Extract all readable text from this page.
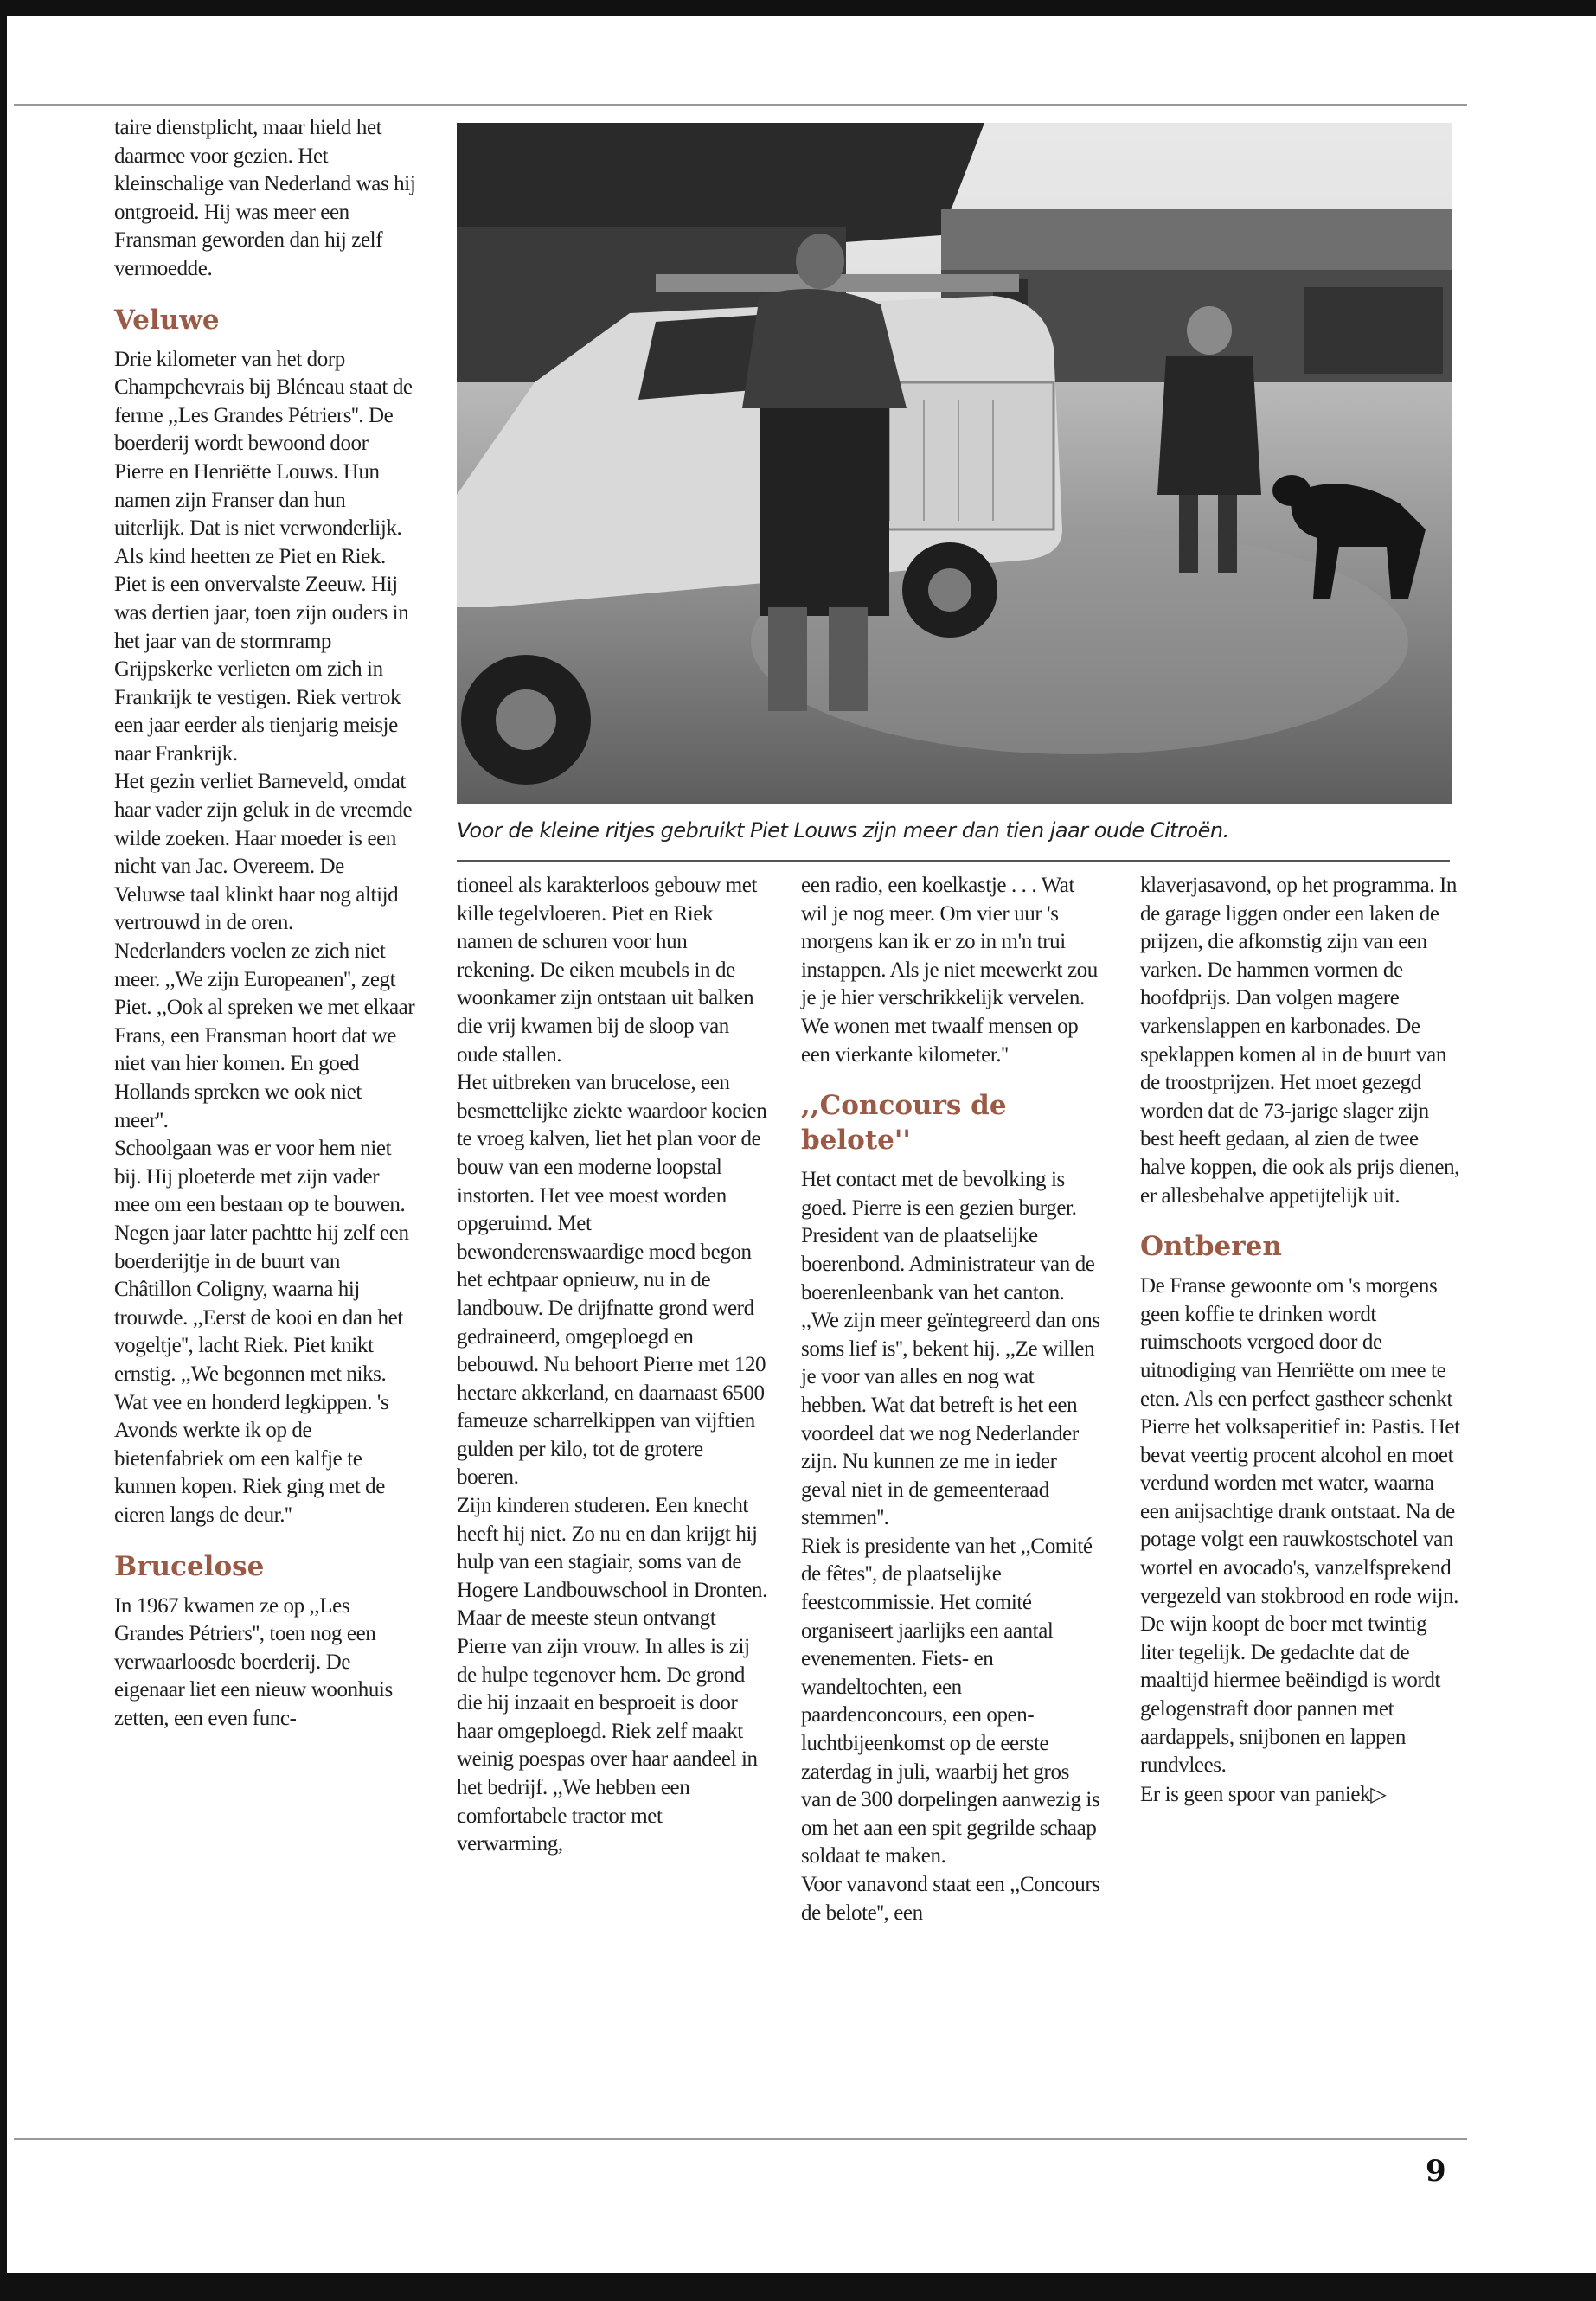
taire dienstplicht, maar hield het daarmee voor gezien. Het kleinschalige van Nederland was hij ontgroeid. Hij was meer een Fransman geworden dan hij zelf vermoedde.

Veluwe

Drie kilometer van het dorp Champchevrais bij Bléneau staat de ferme ,,Les Grandes Pétriers''. De boerderij wordt bewoond door Pierre en Henriëtte Louws. Hun namen zijn Franser dan hun uiterlijk. Dat is niet verwonderlijk. Als kind heetten ze Piet en Riek.

Piet is een onvervalste Zeeuw. Hij was dertien jaar, toen zijn ouders in het jaar van de stormramp Grijpskerke verlieten om zich in Frankrijk te vestigen. Riek vertrok een jaar eerder als tienjarig meisje naar Frankrijk.

Het gezin verliet Barneveld, omdat haar vader zijn geluk in de vreemde wilde zoeken. Haar moeder is een nicht van Jac. Overeem. De Veluwse taal klinkt haar nog altijd vertrouwd in de oren.

Nederlanders voelen ze zich niet meer. ,,We zijn Europeanen'', zegt Piet. ,,Ook al spreken we met elkaar Frans, een Fransman hoort dat we niet van hier komen. En goed Hollands spreken we ook niet meer''.

Schoolgaan was er voor hem niet bij. Hij ploeterde met zijn vader mee om een bestaan op te bouwen. Negen jaar later pachtte hij zelf een boerderijtje in de buurt van Châtillon Coligny, waarna hij trouwde. ,,Eerst de kooi en dan het vogeltje'', lacht Riek. Piet knikt ernstig. ,,We begonnen met niks. Wat vee en honderd legkippen. 's Avonds werkte ik op de bietenfabriek om een kalfje te kunnen kopen. Riek ging met de eieren langs de deur.''

Brucelose

In 1967 kwamen ze op ,,Les Grandes Pétriers'', toen nog een verwaarloosde boerderij. De eigenaar liet een nieuw woonhuis zetten, een even func-

Voor de kleine ritjes gebruikt Piet Louws zijn meer dan tien jaar oude Citroën.

tioneel als karakterloos gebouw met kille tegelvloeren. Piet en Riek namen de schuren voor hun rekening. De eiken meubels in de woonkamer zijn ontstaan uit balken die vrij kwamen bij de sloop van oude stallen.

Het uitbreken van brucelose, een besmettelijke ziekte waardoor koeien te vroeg kalven, liet het plan voor de bouw van een moderne loopstal instorten. Het vee moest worden opgeruimd. Met bewonderenswaardige moed begon het echtpaar opnieuw, nu in de landbouw. De drijfnatte grond werd gedraineerd, omgeploegd en bebouwd. Nu behoort Pierre met 120 hectare akkerland, en daarnaast 6500 fameuze scharrelkippen van vijftien gulden per kilo, tot de grotere boeren.

Zijn kinderen studeren. Een knecht heeft hij niet. Zo nu en dan krijgt hij hulp van een stagiair, soms van de Hogere Landbouwschool in Dronten. Maar de meeste steun ontvangt Pierre van zijn vrouw. In alles is zij de hulpe tegenover hem. De grond die hij inzaait en besproeit is door haar omgeploegd. Riek zelf maakt weinig poespas over haar aandeel in het bedrijf. ,,We hebben een comfortabele tractor met verwarming,

een radio, een koelkastje . . . Wat wil je nog meer. Om vier uur 's morgens kan ik er zo in m'n trui instappen. Als je niet meewerkt zou je je hier verschrikkelijk vervelen. We wonen met twaalf mensen op een vierkante kilometer.''

,,Concours de belote''

Het contact met de bevolking is goed. Pierre is een gezien burger. President van de plaatselijke boerenbond. Administrateur van de boerenleenbank van het canton. ,,We zijn meer geïntegreerd dan ons soms lief is'', bekent hij. ,,Ze willen je voor van alles en nog wat hebben. Wat dat betreft is het een voordeel dat we nog Nederlander zijn. Nu kunnen ze me in ieder geval niet in de gemeenteraad stemmen''.

Riek is presidente van het ,,Comité de fêtes'', de plaatselijke feestcommissie. Het comité organiseert jaarlijks een aantal evenementen. Fiets- en wandeltochten, een paardenconcours, een open-luchtbijeenkomst op de eerste zaterdag in juli, waarbij het gros van de 300 dorpelingen aanwezig is om het aan een spit gegrilde schaap soldaat te maken.

Voor vanavond staat een ,,Concours de belote'', een

klaverjasavond, op het programma. In de garage liggen onder een laken de prijzen, die afkomstig zijn van een varken. De hammen vormen de hoofdprijs. Dan volgen magere varkenslappen en karbonades. De speklappen komen al in de buurt van de troostprijzen. Het moet gezegd worden dat de 73-jarige slager zijn best heeft gedaan, al zien de twee halve koppen, die ook als prijs dienen, er allesbehalve appetijtelijk uit.

Ontberen

De Franse gewoonte om 's morgens geen koffie te drinken wordt ruimschoots vergoed door de uitnodiging van Henriëtte om mee te eten. Als een perfect gastheer schenkt Pierre het volksaperitief in: Pastis. Het bevat veertig procent alcohol en moet verdund worden met water, waarna een anijsachtige drank ontstaat. Na de potage volgt een rauwkostschotel van wortel en avocado's, vanzelfsprekend vergezeld van stokbrood en rode wijn. De wijn koopt de boer met twintig liter tegelijk. De gedachte dat de maaltijd hiermee beëindigd is wordt gelogenstraft door pannen met aardappels, snijbonen en lappen rundvlees.

Er is geen spoor van paniek▷

9
